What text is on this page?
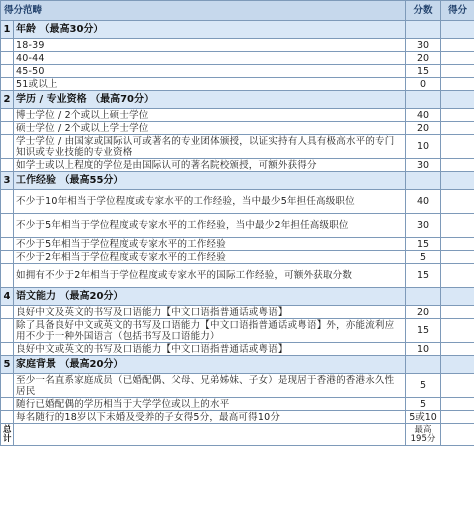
得分范畴		分数	得分
1	年龄 （最高30分）		
	18-39	30	
	40-44	20	
	45-50	15	
	51或以上	0	
2	学历 / 专业资格 （最高70分）		
	博士学位 / 2个或以上硕士学位	40	
	硕士学位 / 2个或以上学士学位	20	
	学士学位 / 由国家或国际认可或著名的专业团体颁授，以证实持有人具有极高水平的专门知识或专业技能的专业资格	10	
	如学士或以上程度的学位是由国际认可的著名院校颁授，可额外获得分	30	
3	工作经验 （最高55分）		
	不少于10年相当于学位程度或专家水平的工作经验，当中最少5年担任高级职位	40	
	不少于5年相当于学位程度或专家水平的工作经验，当中最少2年担任高级职位	30	
	不少于5年相当于学位程度或专家水平的工作经验	15	
	不少于2年相当于学位程度或专家水平的工作经验	5	
	如拥有不少于2年相当于学位程度或专家水平的国际工作经验，可额外获取分数	15	
4	语文能力 （最高20分）		
	良好中文及英文的书写及口语能力【中文口语指普通话或粤语】	20	
	除了具备良好中文或英文的书写及口语能力【中文口语指普通话或粤语】外，亦能流利应用不少于一种外国语言（包括书写及口语能力）	15	
	良好中文或英文的书写及口语能力【中文口语指普通话或粤语】	10	
5	家庭背景 （最高20分）		
	至少一名直系家庭成员（已婚配偶、父母、兄弟姊妹、子女）是现居于香港的香港永久性居民	5	
	随行已婚配偶的学历相当于大学学位或以上的水平	5	
	每名随行的18岁以下未婚及受养的子女得5分，最高可得10分	5或10	
总计		最高195分	
